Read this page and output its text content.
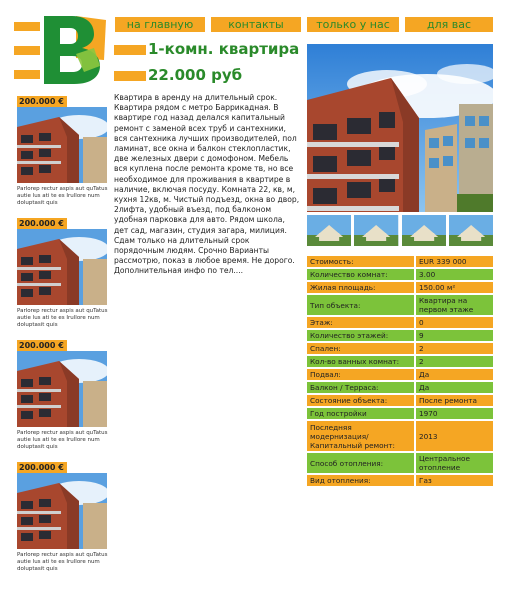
на главную	контакты	только у нас	для вас
1-комн. квартира
22.000 руб
200.000 €
Parlorep rectur aspis aut quTatus autie lus ati te es Irullore num doluptasit quis
200.000 €
Parlorep rectur aspis aut quTatus autie lus ati te es Irullore num doluptasit quis
200.000 €
Parlorep rectur aspis aut quTatus autie lus ati te es Irullore num doluptasit quis
200.000 €
Parlorep rectur aspis aut quTatus autie lus ati te es Irullore num doluptasit quis

Квартира в аренду на длительный срок. Квартира рядом с метро Баррикадная. В квартире год назад делался капитальный ремонт с заменой всех труб и сантехники, вся сантехника лучших производителей, пол ламинат, все окна и балкон стеклопластик, две железных двери с домофоном. Мебель вся куплена после ремонта кроме тв, но все необходимое для проживания в квартире в наличие, включая посуду. Комната 22, кв, м, кухня 12кв, м. Чистый подъезд, окна во двор, 2лифта, удобный въезд, под балконом удобная парковка для авто. Рядом школа, дет сад, магазин, студия загара, милиция. Сдам только на длительный срок порядочным людям. Срочно Варианты рассмотрю, показ в любое время. Не дорого. Дополнительная инфо по тел....

Стоимость:	EUR 339 000
Количество комнат:	3.00
Жилая площадь:	150.00 м²
Тип объекта:	Квартира на первом этаже
Этаж:	0
Количество этажей:	9
Спален:	2
Кол-во ванных комнат:	2
Подвал:	Да
Балкон / Терраса:	Да
Состояние объекта:	После ремонта
Год постройки	1970
Последняя модернизация/ Капитальный ремонт:
2013
Способ отопления:	Центральное отопление
Вид отопления:	Газ
